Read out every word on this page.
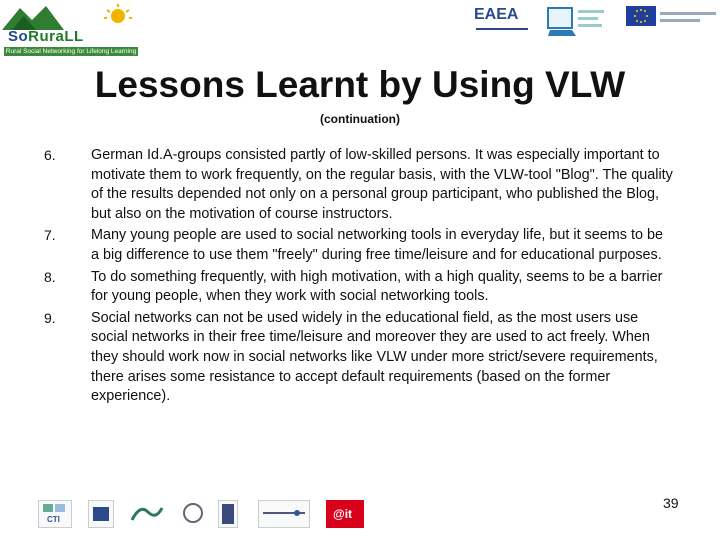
SoRuraLL
Rural Social Networking for Lifelong Learning
EAEA
Lessons Learnt by Using VLW
(continuation)
6.	German Id.A-groups consisted partly of low-skilled persons. It was especially important to motivate them to work frequently, on the regular basis, with the VLW-tool "Blog". The quality of the results depended not only on a personal group participant, who published the Blog, but also on the motivation of course instructors.
7.	Many young people are used to social networking tools in everyday life, but it seems to be a big difference to use them "freely" during free time/leisure and for educational purposes.
8.	To do something frequently, with high motivation, with a high quality, seems to be a barrier for young people, when they work with social networking tools.
9.	Social networks can not be used widely in the educational field, as the most users use social networks in their free time/leisure and moreover they are used to act freely. When they should work now in social networks like VLW under more strict/severe requirements, there arises some resistance to accept default requirements (based on the former experience).
39
CTI	@it
